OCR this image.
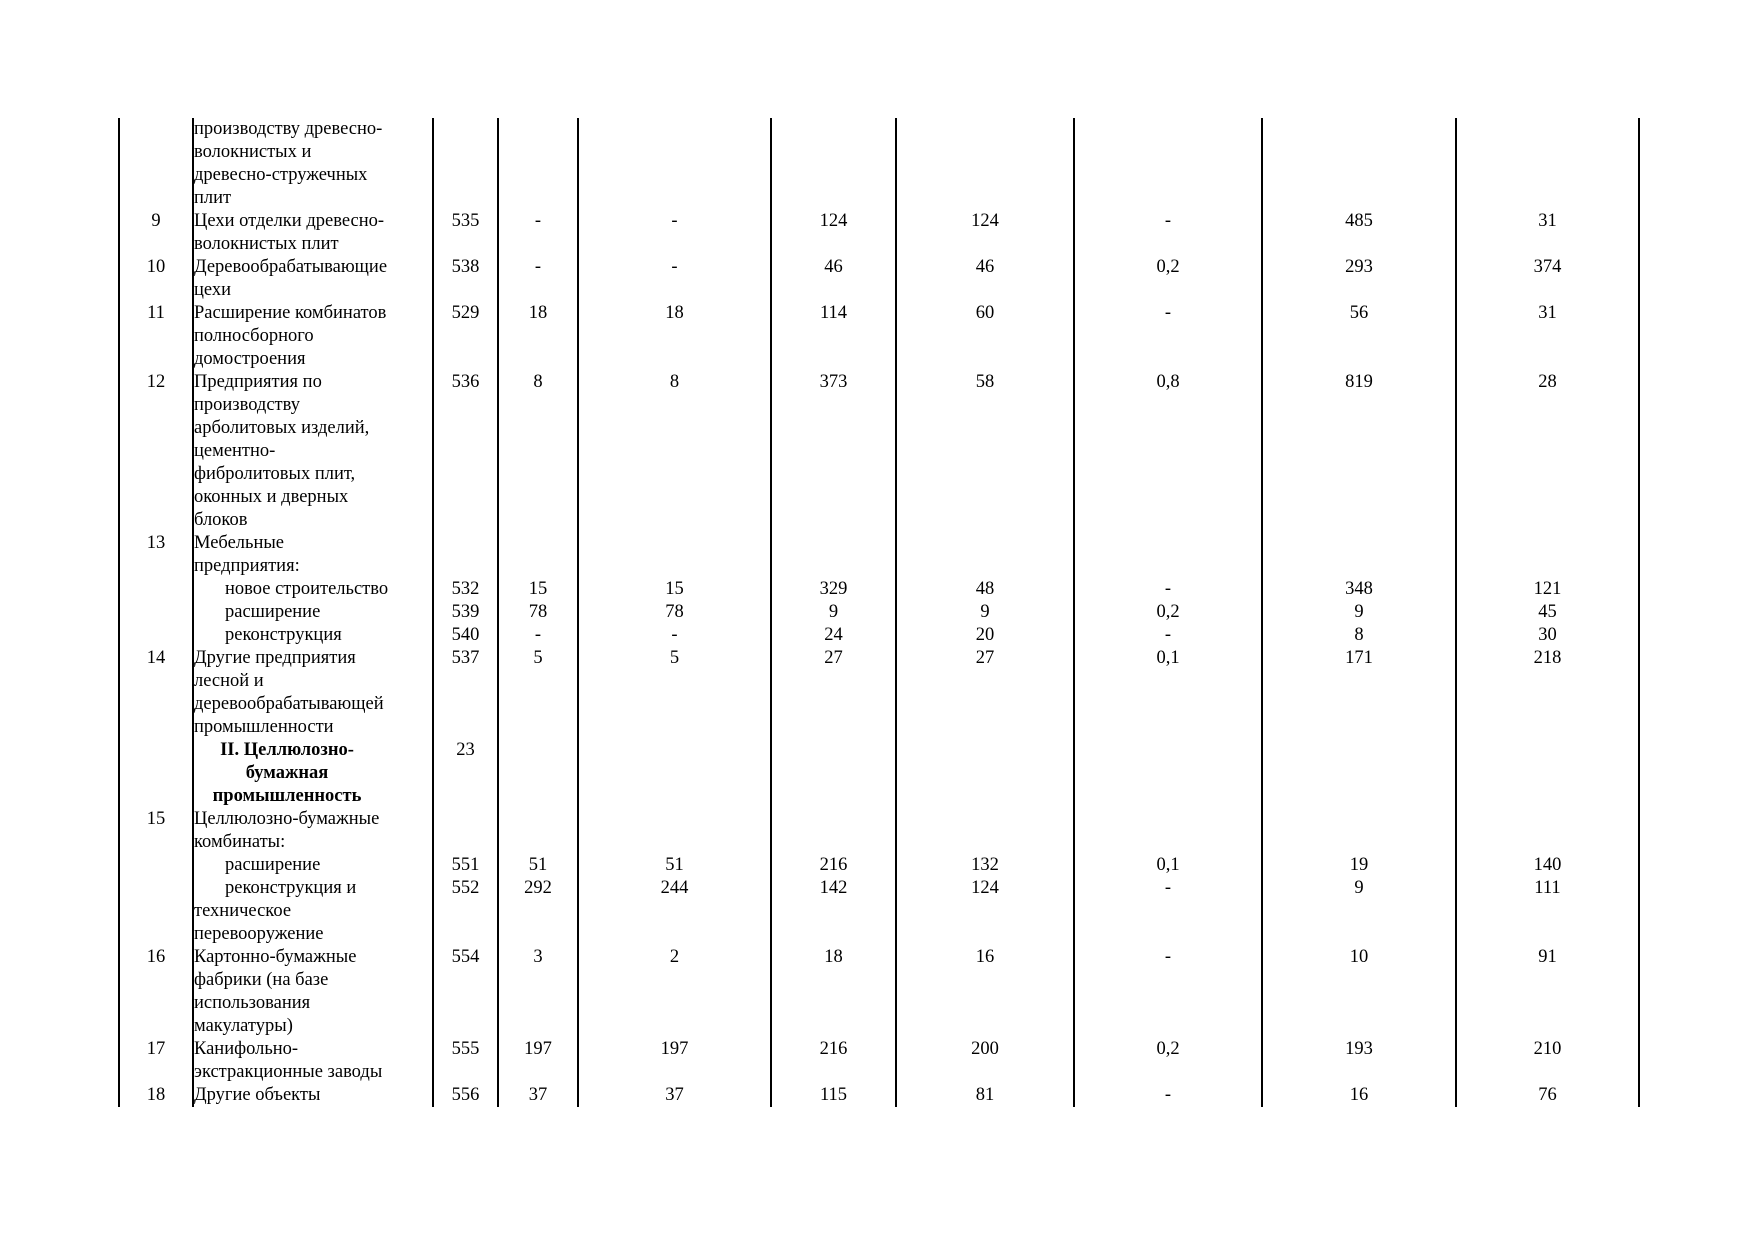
	производству древесно-								
	волокнистых и								
	древесно-стружечных								
	плит								
9	Цехи отделки древесно-	535	-	-	124	124	-	485	31
	волокнистых плит								
10	Деревообрабатывающие	538	-	-	46	46	0,2	293	374
	цехи								
11	Расширение комбинатов	529	18	18	114	60	-	56	31
	полносборного								
	домостроения								
12	Предприятия по	536	8	8	373	58	0,8	819	28
	производству								
	арболитовых изделий,								
	цементно-								
	фибролитовых плит,								
	оконных и дверных								
	блоков								
13	Мебельные								
	предприятия:								
	новое строительство	532	15	15	329	48	-	348	121
	расширение	539	78	78	9	9	0,2	9	45
	реконструкция	540	-	-	24	20	-	8	30
14	Другие предприятия	537	5	5	27	27	0,1	171	218
	лесной и								
	деревообрабатывающей								
	промышленности								
	II. Целлюлозно-	23							
	бумажная								
	промышленность								
15	Целлюлозно-бумажные								
	комбинаты:								
	расширение	551	51	51	216	132	0,1	19	140
	реконструкция и	552	292	244	142	124	-	9	111
	техническое								
	перевооружение								
16	Картонно-бумажные	554	3	2	18	16	-	10	91
	фабрики (на базе								
	использования								
	макулатуры)								
17	Канифольно-	555	197	197	216	200	0,2	193	210
	экстракционные заводы								
18	Другие объекты	556	37	37	115	81	-	16	76
